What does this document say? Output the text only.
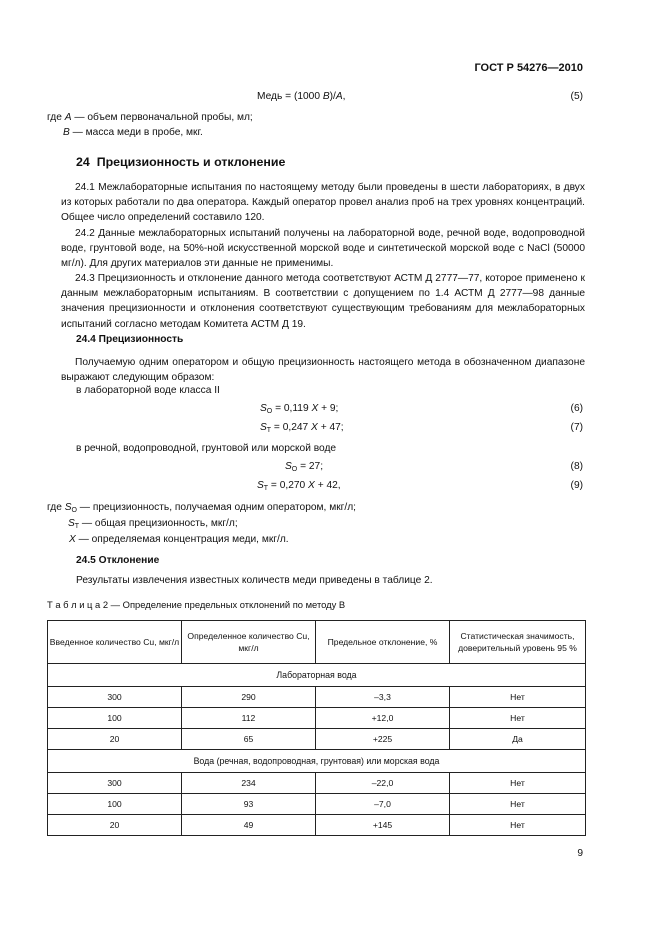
ГОСТ Р 54276—2010
Медь = (1000 B)/A,	(5)
где A — объем первоначальной пробы, мл;
B — масса меди в пробе, мкг.
24 Прецизионность и отклонение
24.1 Межлабораторные испытания по настоящему методу были проведены в шести лабораториях, в двух из которых работали по два оператора. Каждый оператор провел анализ проб на трех уровнях концентраций. Общее число определений составило 120.
24.2 Данные межлабораторных испытаний получены на лабораторной воде, речной воде, водопроводной воде, грунтовой воде, на 50%-ной искусственной морской воде и синтетической морской воде с NaCl (50000 мг/л). Для других материалов эти данные не применимы.
24.3 Прецизионность и отклонение данного метода соответствуют АСТМ Д 2777—77, которое применено к данным межлабораторным испытаниям. В соответствии с допущением по 1.4 АСТМ Д 2777—98 данные значения прецизионности и отклонения соответствуют существующим требованиям для межлабораторных испытаний согласно методам Комитета АСТМ Д 19.
24.4 Прецизионность
Получаемую одним оператором и общую прецизионность настоящего метода в обозначенном диапазоне выражают следующим образом:
в лабораторной воде класса II
$S_O = 0,119$ X + 9;	(6)
$S_T = 0,247$ X + 47;	(7)
в речной, водопроводной, грунтовой или морской воде
$S_O = 27$;	(8)
$S_T = 0,270$ X + 42,	(9)
где $S_O$ — прецизионность, получаемая одним оператором, мкг/л;
$S_T$ — общая прецизионность, мкг/л;
X — определяемая концентрация меди, мкг/л.
24.5 Отклонение
Результаты извлечения известных количеств меди приведены в таблице 2.
Т а б л и ц а 2 — Определение предельных отклонений по методу B
Введенное количество Cu, мкг/л	Определенное количество Cu, мкг/л	Предельное отклонение, %	Статистическая значимость, доверительный уровень 95 %
Лабораторная вода			
300	290	–3,3	Нет
100	112	+12,0	Нет
20	65	+225	Да
Вода (речная, водопроводная, грунтовая) или морская вода			
300	234	–22,0	Нет
100	93	–7,0	Нет
20	49	+145	Нет
9
